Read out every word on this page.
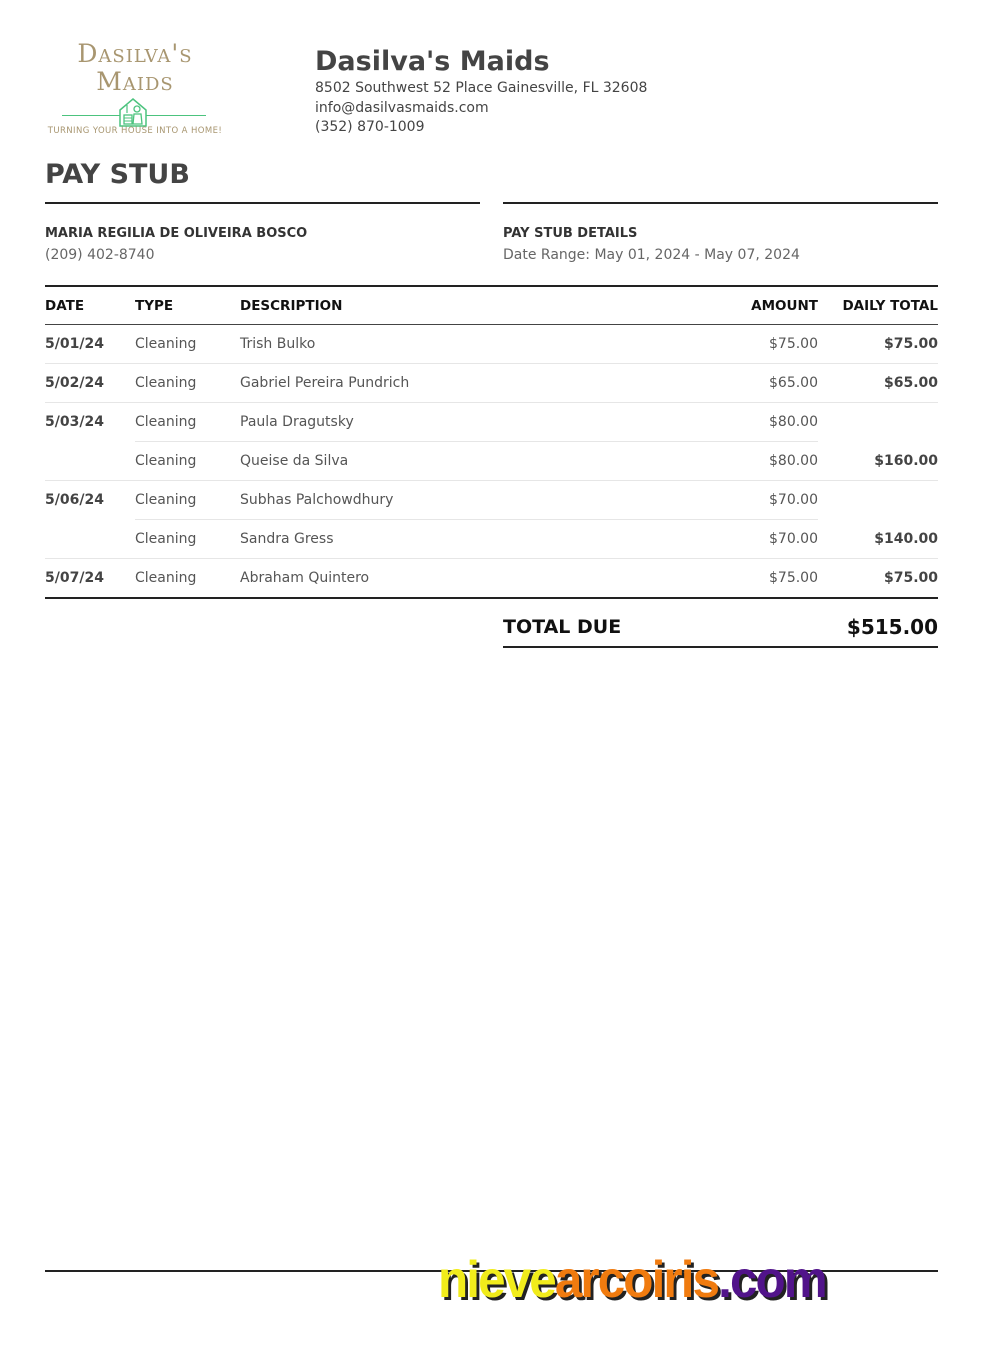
Dasilva's
Maids
TURNING YOUR HOUSE INTO A HOME!
Dasilva's Maids
8502 Southwest 52 Place Gainesville, FL 32608
info@dasilvasmaids.com
(352) 870-1009
PAY STUB
MARIA REGILIA DE OLIVEIRA BOSCO
(209) 402-8740
PAY STUB DETAILS
Date Range: May 01, 2024 - May 07, 2024
DATE	TYPE	DESCRIPTION	AMOUNT	DAILY TOTAL
5/01/24	Cleaning	Trish Bulko	$75.00	$75.00
5/02/24	Cleaning	Gabriel Pereira Pundrich	$65.00	$65.00
5/03/24	Cleaning	Paula Dragutsky	$80.00	
	Cleaning	Queise da Silva	$80.00	$160.00
5/06/24	Cleaning	Subhas Palchowdhury	$70.00	
	Cleaning	Sandra Gress	$70.00	$140.00
5/07/24	Cleaning	Abraham Quintero	$75.00	$75.00
TOTAL DUE	$515.00
nievearcoiris.com
